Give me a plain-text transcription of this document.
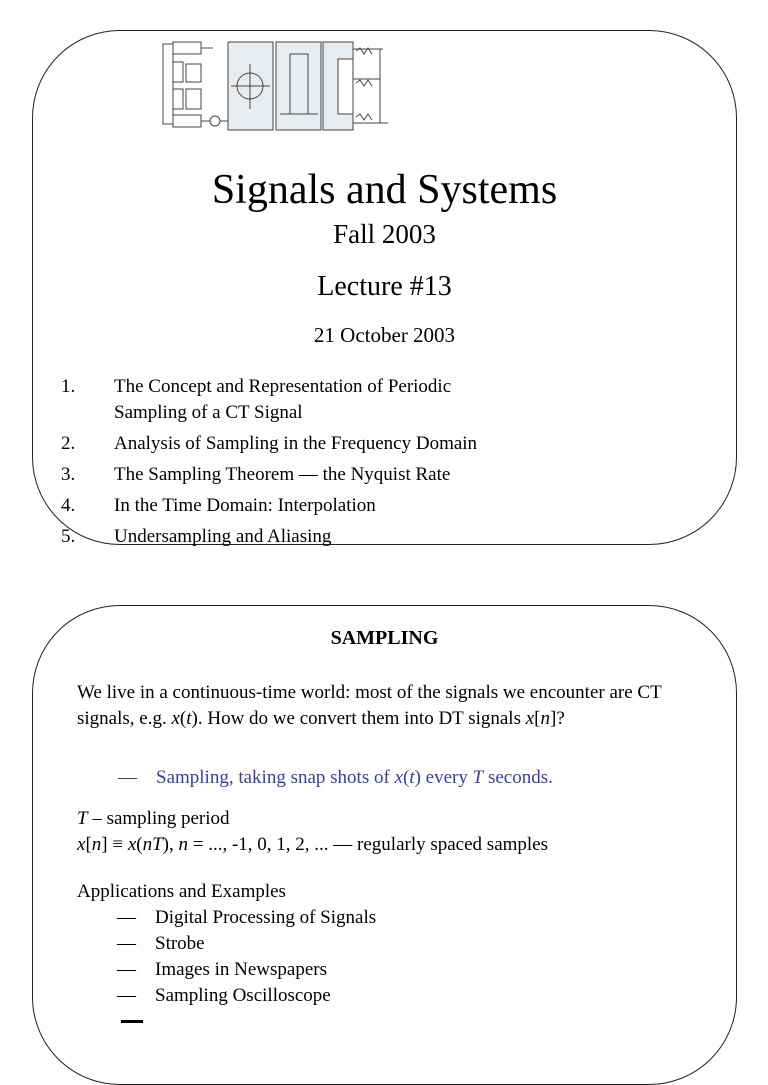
Signals and Systems
Fall 2003
Lecture #13
21 October 2003
1.	The Concept and Representation of Periodic Sampling of a CT Signal
2.	Analysis of Sampling in the Frequency Domain
3.	The Sampling Theorem — the Nyquist Rate
4.	In the Time Domain: Interpolation
5.	Undersampling and Aliasing
SAMPLING
We live in a continuous-time world: most of the signals we encounter are CT signals, e.g. x(t). How do we convert them into DT signals x[n]?
—	Sampling, taking snap shots of x(t) every T seconds.
T – sampling period
x[n] ≡ x(nT), n = ..., -1, 0, 1, 2, ... — regularly spaced samples
Applications and Examples
—	Digital Processing of Signals
—	Strobe
—	Images in Newspapers
—	Sampling Oscilloscope
